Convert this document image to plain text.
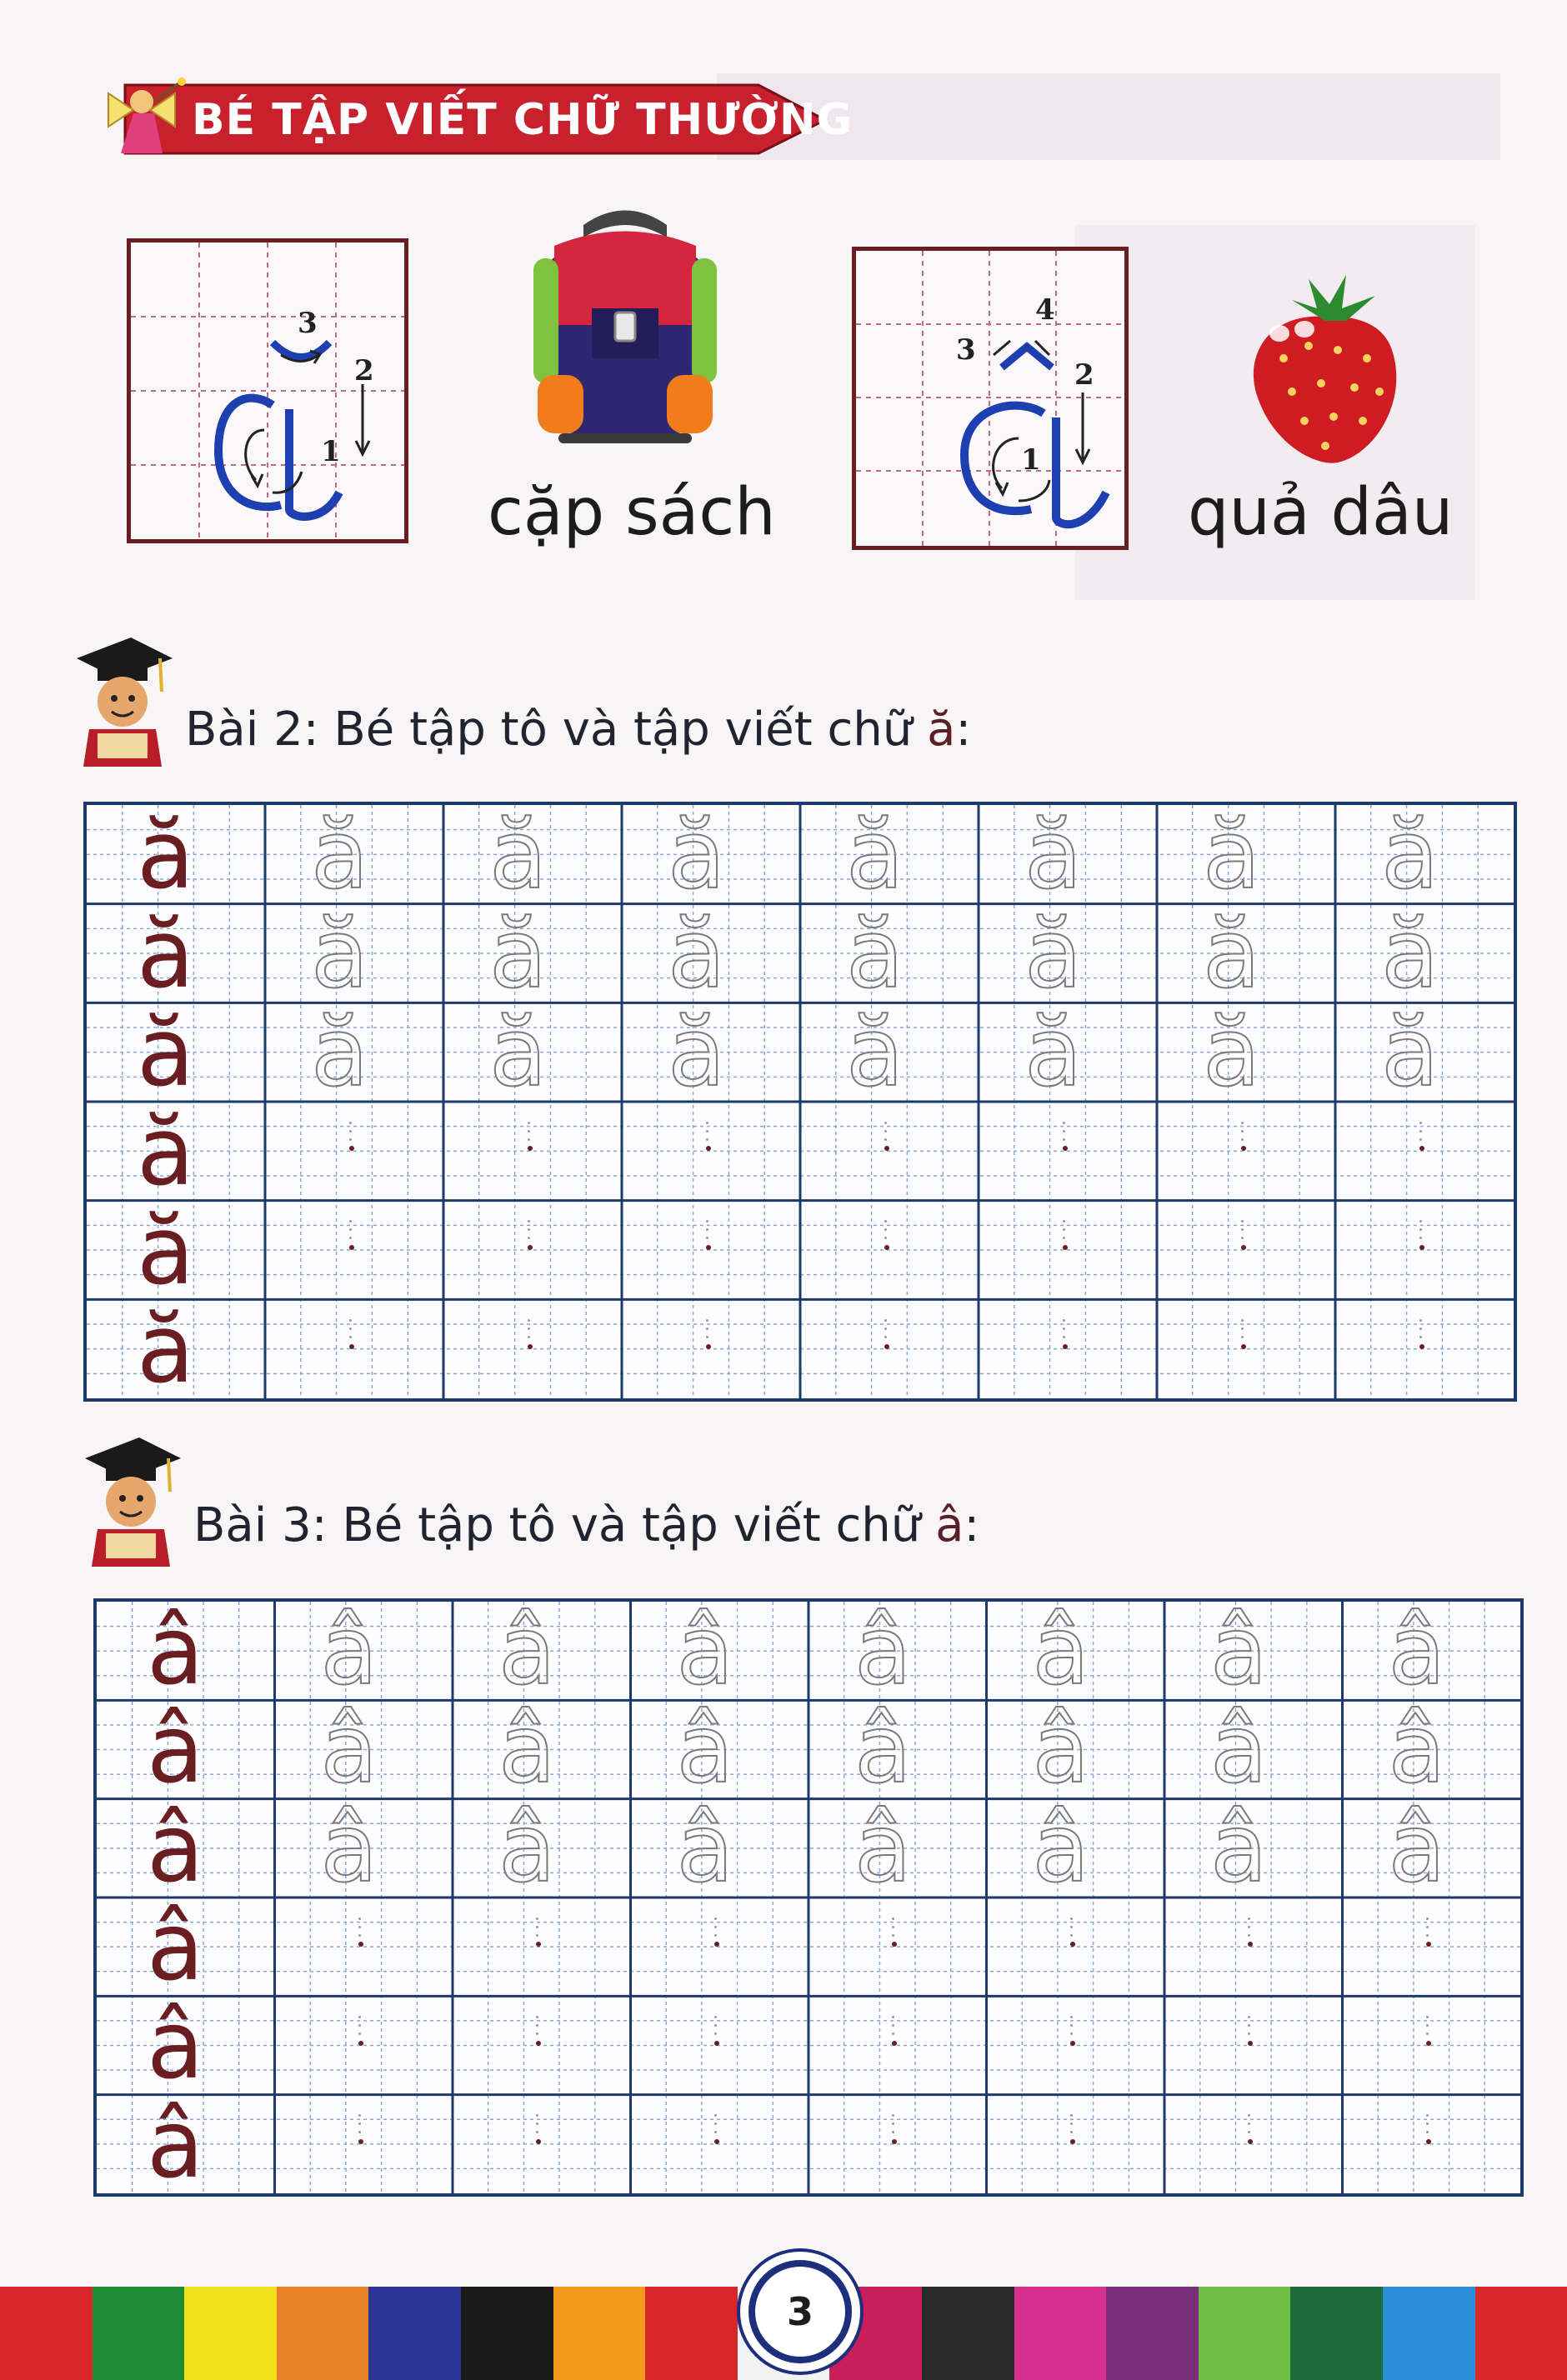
BÉ TẬP VIẾT CHỮ THƯỜNG
3
2
1
cặp sách
1
2
3
4
quả dâu
Bài 2: Bé tập tô và tập viết chữ ă:
ă ă ă ă ă ă ă ă
ă ă ă ă ă ă ă ă
ă ă ă ă ă ă ă ă
ă
ă
ă
Bài 3: Bé tập tô và tập viết chữ â:
â â â â â â â â
â â â â â â â â
â â â â â â â â
â
â
â
3
